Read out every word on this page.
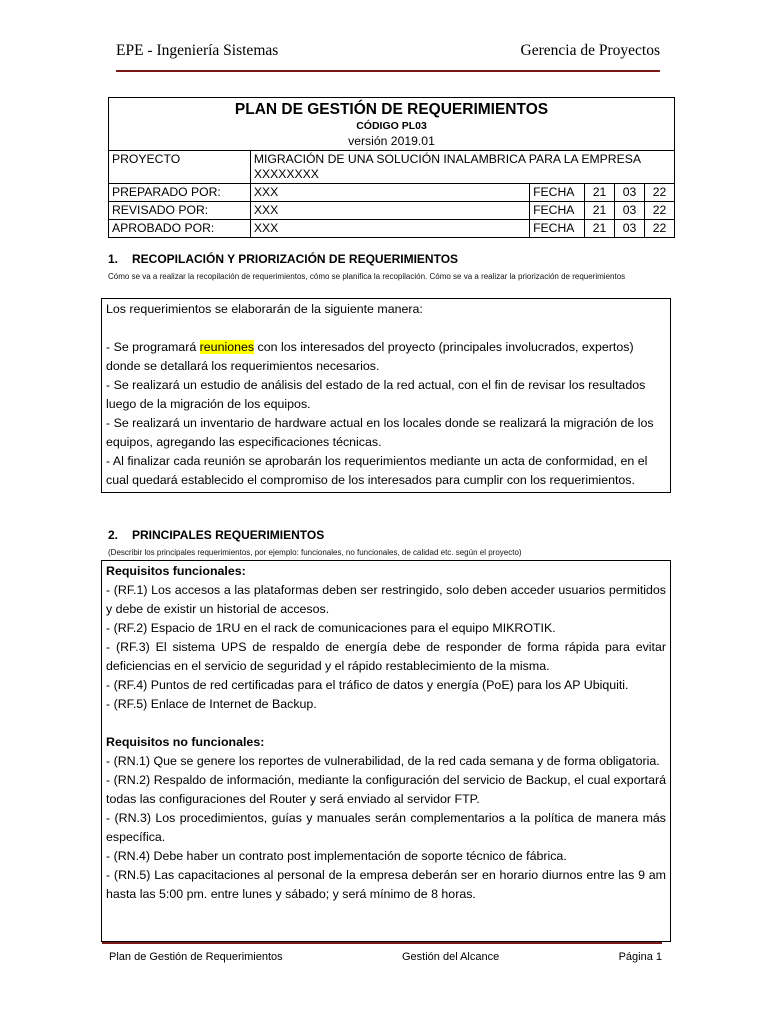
EPE - Ingeniería Sistemas	Gerencia de Proyectos
PLAN DE GESTIÓN DE REQUERIMIENTOS
CÓDIGO PL03
versión 2019.01					

PROYECTO	MIGRACIÓN DE UNA SOLUCIÓN INALAMBRICA PARA LA EMPRESA XXXXXXXX				
PREPARADO POR:	XXX	FECHA	21	03	22
REVISADO POR:	XXX	FECHA	21	03	22
APROBADO POR:	XXX	FECHA	21	03	22
1. RECOPILACIÓN Y PRIORIZACIÓN DE REQUERIMIENTOS
Cómo se va a realizar la recopilación de requerimientos, cómo se planifica la recopilación. Cómo se va a realizar la priorización de requerimientos

Los requerimientos se elaborarán de la siguiente manera:

- Se programará reuniones con los interesados del proyecto (principales involucrados, expertos) donde se detallará los requerimientos necesarios.

- Se realizará un estudio de análisis del estado de la red actual, con el fin de revisar los resultados luego de la migración de los equipos.

- Se realizará un inventario de hardware actual en los locales donde se realizará la migración de los equipos, agregando las especificaciones técnicas.

- Al finalizar cada reunión se aprobarán los requerimientos mediante un acta de conformidad, en el cual quedará establecido el compromiso de los interesados para cumplir con los requerimientos.

2. PRINCIPALES REQUERIMIENTOS
(Describir los principales requerimientos, por ejemplo: funcionales, no funcionales, de calidad etc. según el proyecto)

Requisitos funcionales:

- (RF.1) Los accesos a las plataformas deben ser restringido, solo deben acceder usuarios permitidos y debe de existir un historial de accesos.

- (RF.2) Espacio de 1RU en el rack de comunicaciones para el equipo MIKROTIK.

- (RF.3) El sistema UPS de respaldo de energía debe de responder de forma rápida para evitar deficiencias en el servicio de seguridad y el rápido restablecimiento de la misma.

- (RF.4) Puntos de red certificadas para el tráfico de datos y energía (PoE) para los AP Ubiquiti.

- (RF.5) Enlace de Internet de Backup.

Requisitos no funcionales:

- (RN.1) Que se genere los reportes de vulnerabilidad, de la red cada semana y de forma obligatoria.

- (RN.2) Respaldo de información, mediante la configuración del servicio de Backup, el cual exportará todas las configuraciones del Router y será enviado al servidor FTP.

- (RN.3) Los procedimientos, guías y manuales serán complementarios a la política de manera más específica.

- (RN.4) Debe haber un contrato post implementación de soporte técnico de fábrica.

- (RN.5) Las capacitaciones al personal de la empresa deberán ser en horario diurnos entre las 9 am hasta las 5:00 pm. entre lunes y sábado; y será mínimo de 8 horas.

Plan de Gestión de Requerimientos	Gestión del Alcance	Página 1
